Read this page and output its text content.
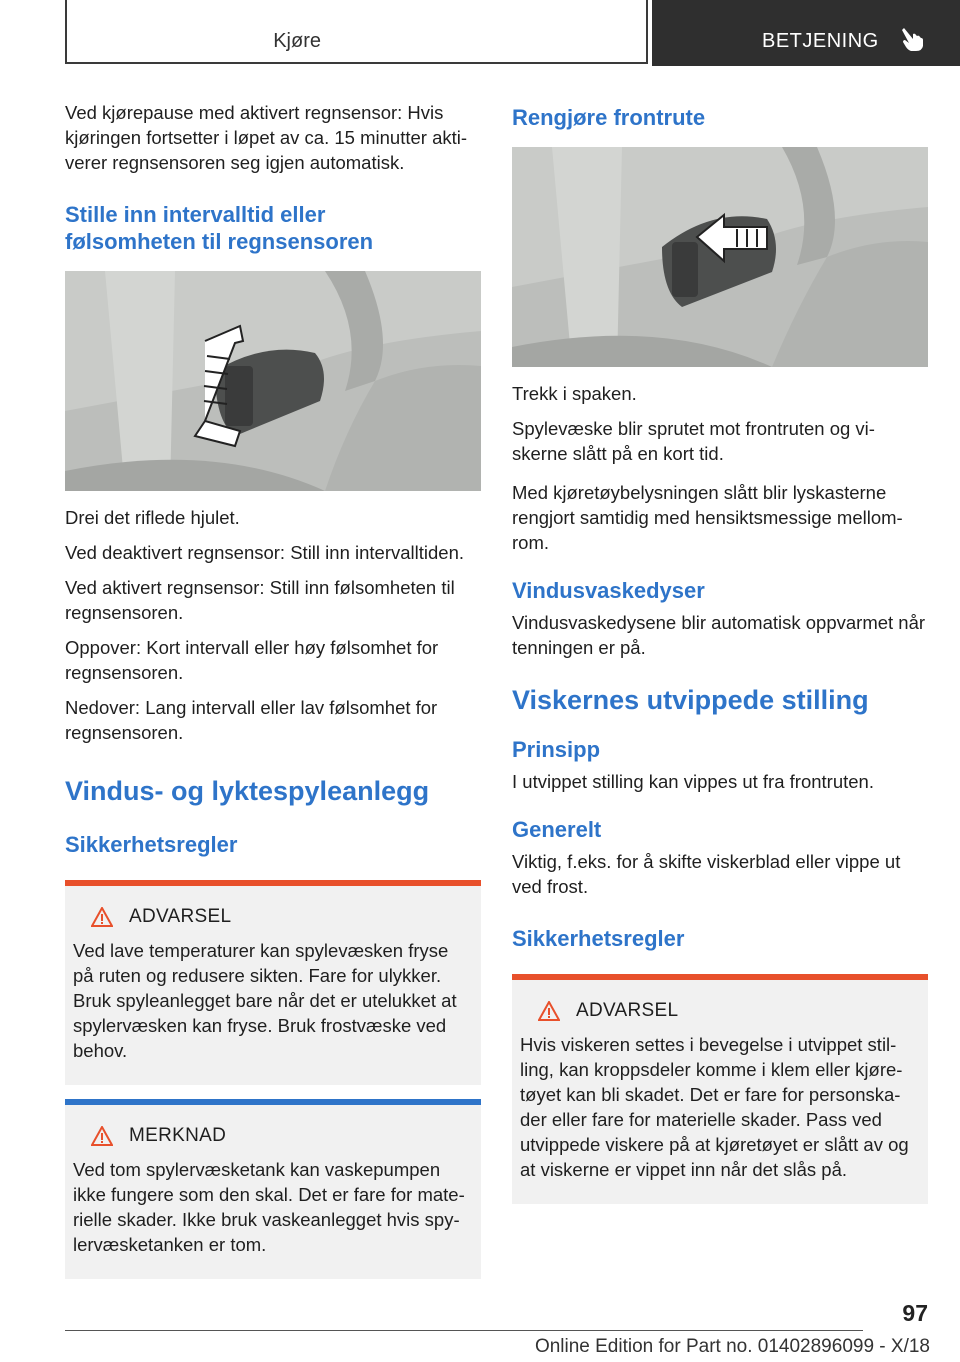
Kjøre	BETJENING

Ved kjørepause med aktivert regnsensor: Hvis kjøringen fortsetter i løpet av ca. 15 minutter akti‐verer regnsensoren seg igjen automatisk.

Stille inn intervalltid eller
følsomheten til regnsensoren

Drei det riflede hjulet.

Ved deaktivert regnsensor: Still inn intervalltiden.

Ved aktivert regnsensor: Still inn følsomheten til regnsensoren.

Oppover: Kort intervall eller høy følsomhet for regnsensoren.

Nedover: Lang intervall eller lav følsomhet for regnsensoren.

Vindus- og lyktespyleanlegg
Sikkerhetsregler
ADVARSEL

Ved lave temperaturer kan spylevæsken fryse på ruten og redusere sikten. Fare for ulykker. Bruk spyleanlegget bare når det er utelukket at spylervæsken kan fryse. Bruk frostvæske ved behov.

MERKNAD

Ved tom spylervæsketank kan vaskepumpen ikke fungere som den skal. Det er fare for mate‐rielle skader. Ikke bruk vaskeanlegget hvis spy‐lervæsketanken er tom.

Rengjøre frontrute

Trekk i spaken.

Spylevæske blir sprutet mot frontruten og vi‐skerne slått på en kort tid.

Med kjøretøybelysningen slått blir lyskasterne rengjort samtidig med hensiktsmessige mellom‐rom.

Vindusvaskedyser

Vindusvaskedysene blir automatisk oppvarmet når tenningen er på.

Viskernes utvippede stilling
Prinsipp

I utvippet stilling kan vippes ut fra frontruten.

Generelt

Viktig, f.eks. for å skifte viskerblad eller vippe ut ved frost.

Sikkerhetsregler
ADVARSEL

Hvis viskeren settes i bevegelse i utvippet stil‐ling, kan kroppsdeler komme i klem eller kjøre‐tøyet kan bli skadet. Det er fare for personska‐der eller fare for materielle skader. Pass ved utvippede viskere på at kjøretøyet er slått av og at viskerne er vippet inn når det slås på.

97
Online Edition for Part no. 01402896099 - X/18
